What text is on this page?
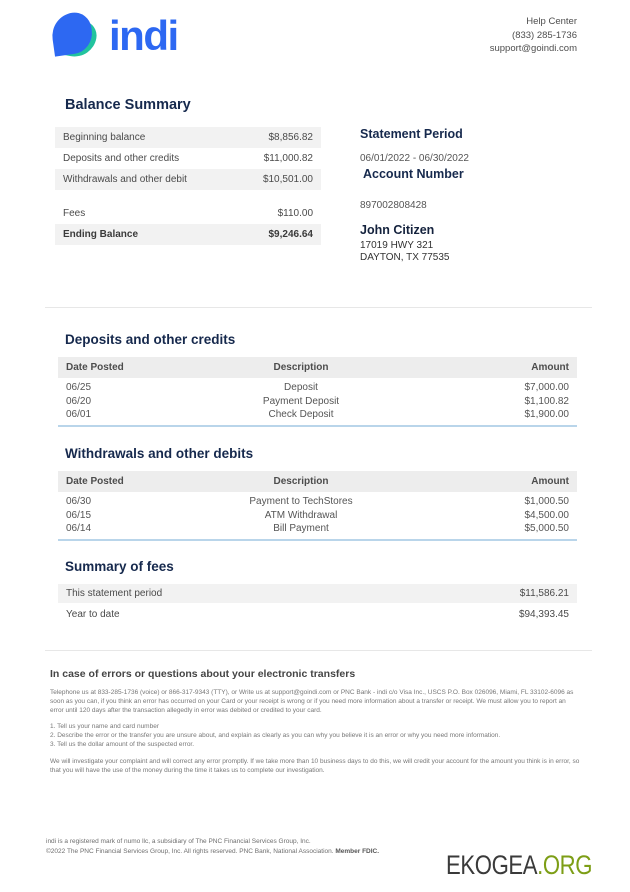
indi	Help Center
(833) 285-1736
support@goindi.com
Balance Summary
Beginning balance	$8,856.82
Deposits and other credits	$11,000.82
Withdrawals and other debit	$10,501.00
Fees	$110.00
Ending Balance	$9,246.64
Statement Period
06/01/2022 - 06/30/2022
Account Number
897002808428
John Citizen
17019 HWY 321
DAYTON, TX 77535
Deposits and other credits
Date Posted	Description	Amount
06/25	Deposit	$7,000.00
06/20	Payment Deposit	$1,100.82
06/01	Check Deposit	$1,900.00
Withdrawals and other debits
Date Posted	Description	Amount
06/30	Payment to TechStores	$1,000.50
06/15	ATM Withdrawal	$4,500.00
06/14	Bill Payment	$5,000.50
Summary of fees
This statement period	$11,586.21
Year to date	$94,393.45
In case of errors or questions about your electronic transfers

Telephone us at 833-285-1736 (voice) or 866-317-9343 (TTY), or Write us at support@goindi.com or PNC Bank - indi c/o Visa Inc., USCS P.O. Box 026096, Miami, FL 33102-6096 as soon as you can, if you think an error has occurred on your Card or your receipt is wrong or if you need more information about a transfer or receipt. We must allow you to report an error until 120 days after the transaction allegedly in error was debited or credited to your card.

1. Tell us your name and card number
2. Describe the error or the transfer you are unsure about, and explain as clearly as you can why you believe it is an error or why you need more information.
3. Tell us the dollar amount of the suspected error.

We will investigate your complaint and will correct any error promptly. If we take more than 10 business days to do this, we will credit your account for the amount you think is in error, so that you will have the use of the money during the time it takes us to complete our investigation.

indi is a registered mark of numo llc, a subsidiary of The PNC Financial Services Group, Inc.
©2022 The PNC Financial Services Group, Inc. All rights reserved. PNC Bank, National Association. Member FDIC. EKOGEA.ORG
